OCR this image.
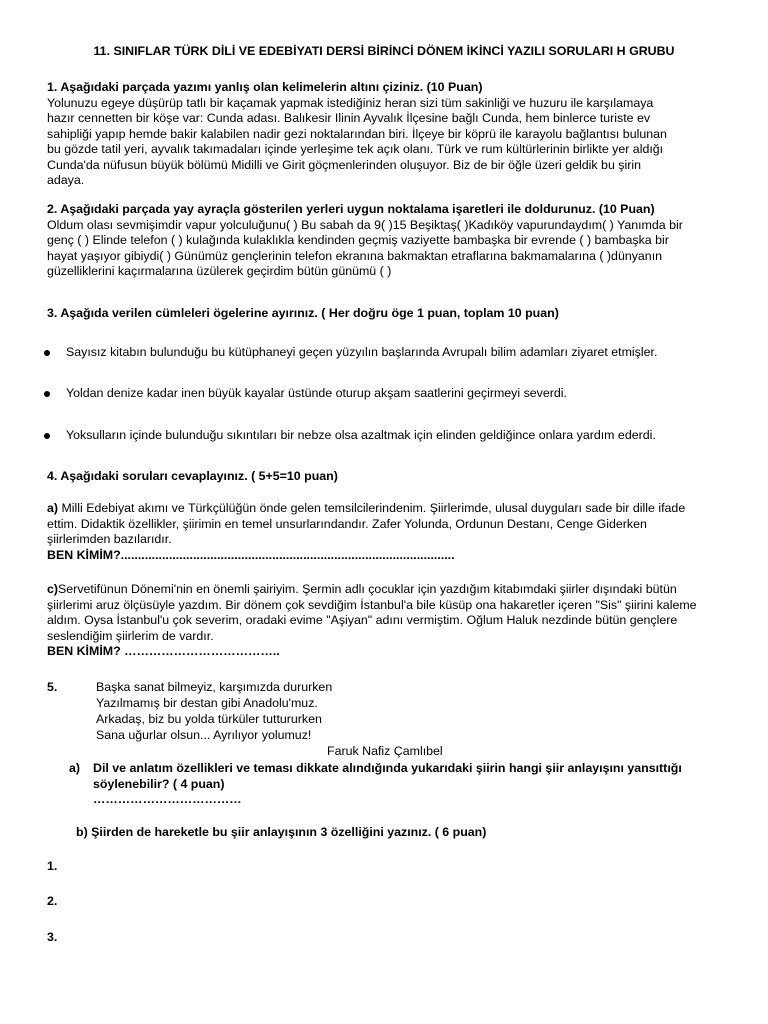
11. SINIFLAR TÜRK DİLİ VE EDEBİYATI DERSİ BİRİNCİ DÖNEM İKİNCİ YAZILI SORULARI H GRUBU
1. Aşağıdaki parçada yazımı yanlış olan kelimelerin altını çiziniz. (10 Puan)
Yolunuzu egeye düşürüp tatlı bir kaçamak yapmak istediğiniz heran sizi tüm sakinliği ve huzuru ile karşılamaya
hazır cennetten bir köşe var: Cunda adası. Balıkesir Ilinin Ayvalık İlçesine bağlı Cunda, hem binlerce turiste ev
sahipliği yapıp hemde bakir kalabilen nadir gezi noktalarından biri. İlçeye bir köprü ile karayolu bağlantısı bulunan
bu gözde tatil yeri, ayvalık takımadaları içinde yerleşime tek açık olanı. Türk ve rum kültürlerinin birlikte yer aldığı
Cunda'da nüfusun büyük bölümü Midilli ve Girit göçmenlerinden oluşuyor. Biz de bir öğle üzeri geldik bu şirin
adaya.
2. Aşağıdaki parçada yay ayraçla gösterilen yerleri uygun noktalama işaretleri ile doldurunuz. (10 Puan)
Oldum olası sevmişimdir vapur yolculuğunu( ) Bu sabah da 9( )15 Beşiktaş( )Kadıköy vapurundaydım( ) Yanımda bir
genç ( ) Elinde telefon ( ) kulağında kulaklıkla kendinden geçmiş vaziyette bambaşka bir evrende ( ) bambaşka bir
hayat yaşıyor gibiydi( ) Günümüz gençlerinin telefon ekranına bakmaktan etraflarına bakmamalarına ( )dünyanın
güzelliklerini kaçırmalarına üzülerek geçirdim bütün günümü ( )
3. Aşağıda verilen cümleleri ögelerine ayırınız. ( Her doğru öge 1 puan, toplam 10 puan)
Sayısız kitabın bulunduğu bu kütüphaneyi geçen yüzyılın başlarında Avrupalı bilim adamları ziyaret etmişler.
Yoldan denize kadar inen büyük kayalar üstünde oturup akşam saatlerini geçirmeyi severdi.
Yoksulların içinde bulunduğu sıkıntıları bir nebze olsa azaltmak için elinden geldiğince onlara yardım ederdi.
4. Aşağıdaki soruları cevaplayınız. ( 5+5=10 puan)
a) Milli Edebiyat akımı ve Türkçülüğün önde gelen temsilcilerindenim. Şiirlerimde, ulusal duyguları sade bir dille ifade
ettim. Didaktik özellikler, şiirimin en temel unsurlarındandır. Zafer Yolunda, Ordunun Destanı, Cenge Giderken
şiirlerimden bazılarıdır.
BEN KİMİM?.................................................................................................
c)Servetifünun Dönemi'nin en önemli şairiyim. Şermin adlı çocuklar için yazdığım kitabımdaki şiirler dışındaki bütün
şiirlerimi aruz ölçüsüyle yazdım. Bir dönem çok sevdiğim İstanbul'a bile küsüp ona hakaretler içeren "Sis" şiirini kaleme
aldım. Oysa İstanbul'u çok severim, oradaki evime "Aşiyan" adını vermiştim. Oğlum Haluk nezdinde bütün gençlere
seslendiğim şiirlerim de vardır.
BEN KİMİM? ………………………………..
5.	Başka sanat bilmeyiz, karşımızda dururken
Yazılmamış bir destan gibi Anadolu'muz.
Arkadaş, biz bu yolda türküler tuttururken
Sana uğurlar olsun... Ayrılıyor yolumuz!
Faruk Nafiz Çamlıbel
a) Dil ve anlatım özellikleri ve teması dikkate alındığında yukarıdaki şiirin hangi şiir anlayışını yansıttığı
söylenebilir? ( 4 puan)
………………………………
b) Şiirden de hareketle bu şiir anlayışının 3 özelliğini yazınız. ( 6 puan)
1.
2.
3.
